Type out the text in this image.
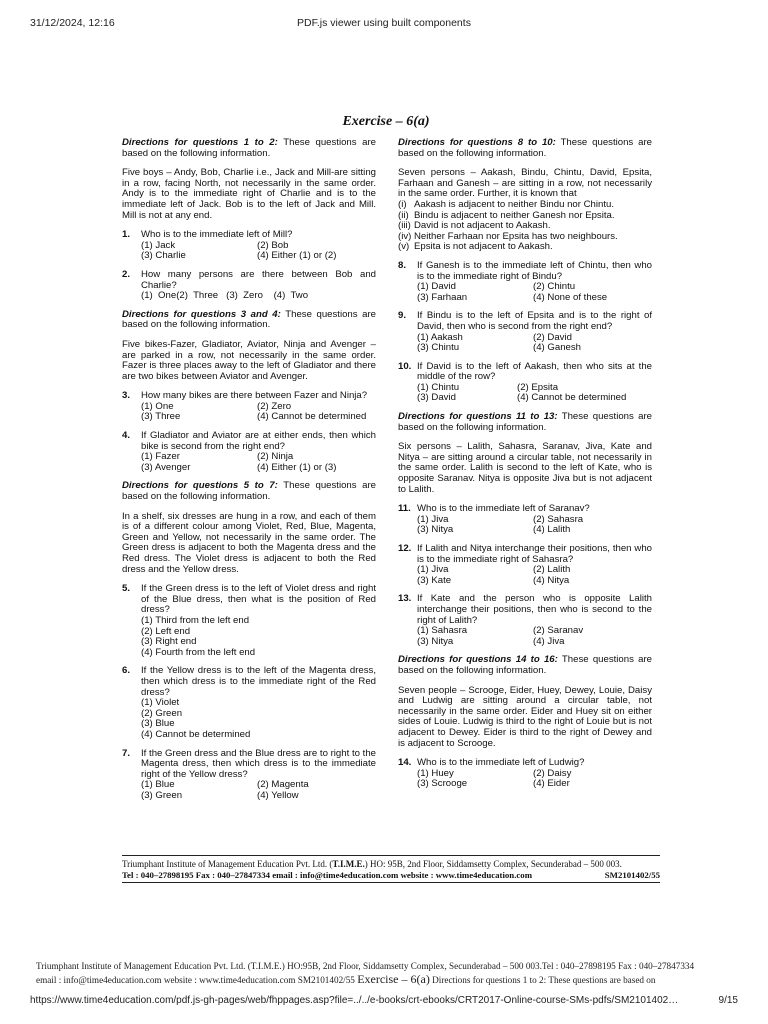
31/12/2024, 12:16	PDF.js viewer using built components
Exercise – 6(a)
Directions for questions 1 to 2: These questions are based on the following information.
Five boys – Andy, Bob, Charlie i.e., Jack and Mill-are sitting in a row, facing North, not necessarily in the same order. Andy is to the immediate right of Charlie and is to the immediate left of Jack. Bob is to the left of Jack and Mill. Mill is not at any end.
1. Who is to the immediate left of Mill?
(1) Jack	(2) Bob
(3) Charlie	(4) Either (1) or (2)
2. How many persons are there between Bob and Charlie?
(1)  One(2)  Three   (3)  Zero    (4)  Two
Directions for questions 3 and 4: These questions are based on the following information.
Five bikes-Fazer, Gladiator, Aviator, Ninja and Avenger – are parked in a row, not necessarily in the same order. Fazer is three places away to the left of Gladiator and there are two bikes between Aviator and Avenger.
3. How many bikes are there between Fazer and Ninja?
(1) One	(2) Zero
(3) Three	(4) Cannot be determined
4. If Gladiator and Aviator are at either ends, then which bike is second from the right end?
(1) Fazer	(2) Ninja
(3) Avenger	(4) Either (1) or (3)
Directions for questions 5 to 7: These questions are based on the following information.
In a shelf, six dresses are hung in a row, and each of them is of a different colour among Violet, Red, Blue, Magenta, Green and Yellow, not necessarily in the same order. The Green dress is adjacent to both the Magenta dress and the Red dress. The Violet dress is adjacent to both the Red dress and the Yellow dress.
5. If the Green dress is to the left of Violet dress and right of the Blue dress, then what is the position of Red dress?
(1) Third from the left end
(2) Left end
(3) Right end
(4) Fourth from the left end
6. If the Yellow dress is to the left of the Magenta dress, then which dress is to the immediate right of the Red dress?
(1) Violet
(2) Green
(3) Blue
(4) Cannot be determined
7. If the Green dress and the Blue dress are to right to the Magenta dress, then which dress is to the immediate right of the Yellow dress?
(1) Blue	(2) Magenta
(3) Green	(4) Yellow
Directions for questions 8 to 10: These questions are based on the following information.
Seven persons – Aakash, Bindu, Chintu, David, Epsita, Farhaan and Ganesh – are sitting in a row, not necessarily in the same order. Further, it is known that
(i) Aakash is adjacent to neither Bindu nor Chintu.
(ii) Bindu is adjacent to neither Ganesh nor Epsita.
(iii) David is not adjacent to Aakash.
(iv) Neither Farhaan nor Epsita has two neighbours.
(v) Epsita is not adjacent to Aakash.
8. If Ganesh is to the immediate left of Chintu, then who is to the immediate right of Bindu?
(1) David	(2) Chintu
(3) Farhaan	(4) None of these
9. If Bindu is to the left of Epsita and is to the right of David, then who is second from the right end?
(1) Aakash	(2) David
(3) Chintu	(4) Ganesh
10. If David is to the left of Aakash, then who sits at the middle of the row?
(1) Chintu	(2) Epsita
(3) David	(4) Cannot be determined
Directions for questions 11 to 13: These questions are based on the following information.
Six persons – Lalith, Sahasra, Saranav, Jiva, Kate and Nitya – are sitting around a circular table, not necessarily in the same order. Lalith is second to the left of Kate, who is opposite Saranav. Nitya is opposite Jiva but is not adjacent to Lalith.
11. Who is to the immediate left of Saranav?
(1) Jiva	(2) Sahasra
(3) Nitya	(4) Lalith
12. If Lalith and Nitya interchange their positions, then who is to the immediate right of Sahasra?
(1) Jiva	(2) Lalith
(3) Kate	(4) Nitya
13. If Kate and the person who is opposite Lalith interchange their positions, then who is second to the right of Lalith?
(1) Sahasra	(2) Saranav
(3) Nitya	(4) Jiva
Directions for questions 14 to 16: These questions are based on the following information.
Seven people – Scrooge, Eider, Huey, Dewey, Louie, Daisy and Ludwig are sitting around a circular table, not necessarily in the same order. Eider and Huey sit on either sides of Louie. Ludwig is third to the right of Louie but is not adjacent to Dewey. Eider is third to the right of Dewey and is adjacent to Scrooge.
14. Who is to the immediate left of Ludwig?
(1) Huey	(2) Daisy
(3) Scrooge	(4) Eider
Triumphant Institute of Management Education Pvt. Ltd. (T.I.M.E.) HO: 95B, 2nd Floor, Siddamsetty Complex, Secunderabad – 500 003.
Tel : 040–27898195 Fax : 040–27847334 email : info@time4education.com website : www.time4education.com	SM2101402/55
Triumphant Institute of Management Education Pvt. Ltd. (T.I.M.E.) HO:95B, 2nd Floor, Siddamsetty Complex, Secunderabad – 500 003.Tel : 040–27898195 Fax : 040–27847334
email : info@time4education.com website : www.time4education.com SM2101402/55 Exercise – 6(a) Directions for questions 1 to 2: These questions are based on
https://www.time4education.com/pdf.js-gh-pages/web/fhppages.asp?file=../../e-books/crt-ebooks/CRT2017-Online-course-SMs-pdfs/SM2101402…	9/15
